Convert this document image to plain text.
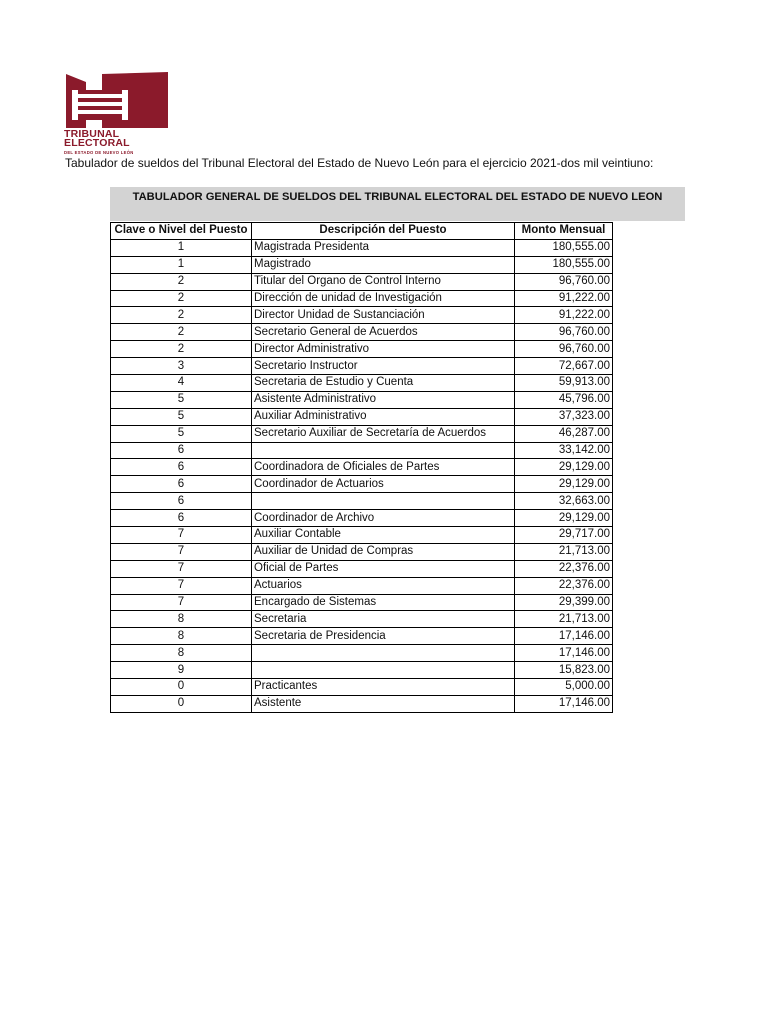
TRIBUNAL
ELECTORAL
DEL ESTADO DE NUEVO LEÓN
Tabulador de sueldos del Tribunal Electoral del Estado de Nuevo León para el ejercicio 2021-dos mil veintiuno:
TABULADOR GENERAL DE SUELDOS DEL TRIBUNAL ELECTORAL DEL ESTADO DE NUEVO LEON
Clave o Nivel del Puesto	Descripción del Puesto	Monto Mensual
1	Magistrada Presidenta	180,555.00
1	Magistrado	180,555.00
2	Titular del Organo de Control Interno	96,760.00
2	Dirección de unidad de Investigación	91,222.00
2	Director Unidad de Sustanciación	91,222.00
2	Secretario General de Acuerdos	96,760.00
2	Director Administrativo	96,760.00
3	Secretario Instructor	72,667.00
4	Secretaria de Estudio y Cuenta	59,913.00
5	Asistente Administrativo	45,796.00
5	Auxiliar Administrativo	37,323.00
5	Secretario Auxiliar de Secretaría de Acuerdos	46,287.00
6		33,142.00
6	Coordinadora de Oficiales de Partes	29,129.00
6	Coordinador de Actuarios	29,129.00
6		32,663.00
6	Coordinador de Archivo	29,129.00
7	Auxiliar Contable	29,717.00
7	Auxiliar de Unidad de Compras	21,713.00
7	Oficial de Partes	22,376.00
7	Actuarios	22,376.00
7	Encargado de Sistemas	29,399.00
8	Secretaria	21,713.00
8	Secretaria de Presidencia	17,146.00
8		17,146.00
9		15,823.00
0	Practicantes	5,000.00
0	Asistente	17,146.00
